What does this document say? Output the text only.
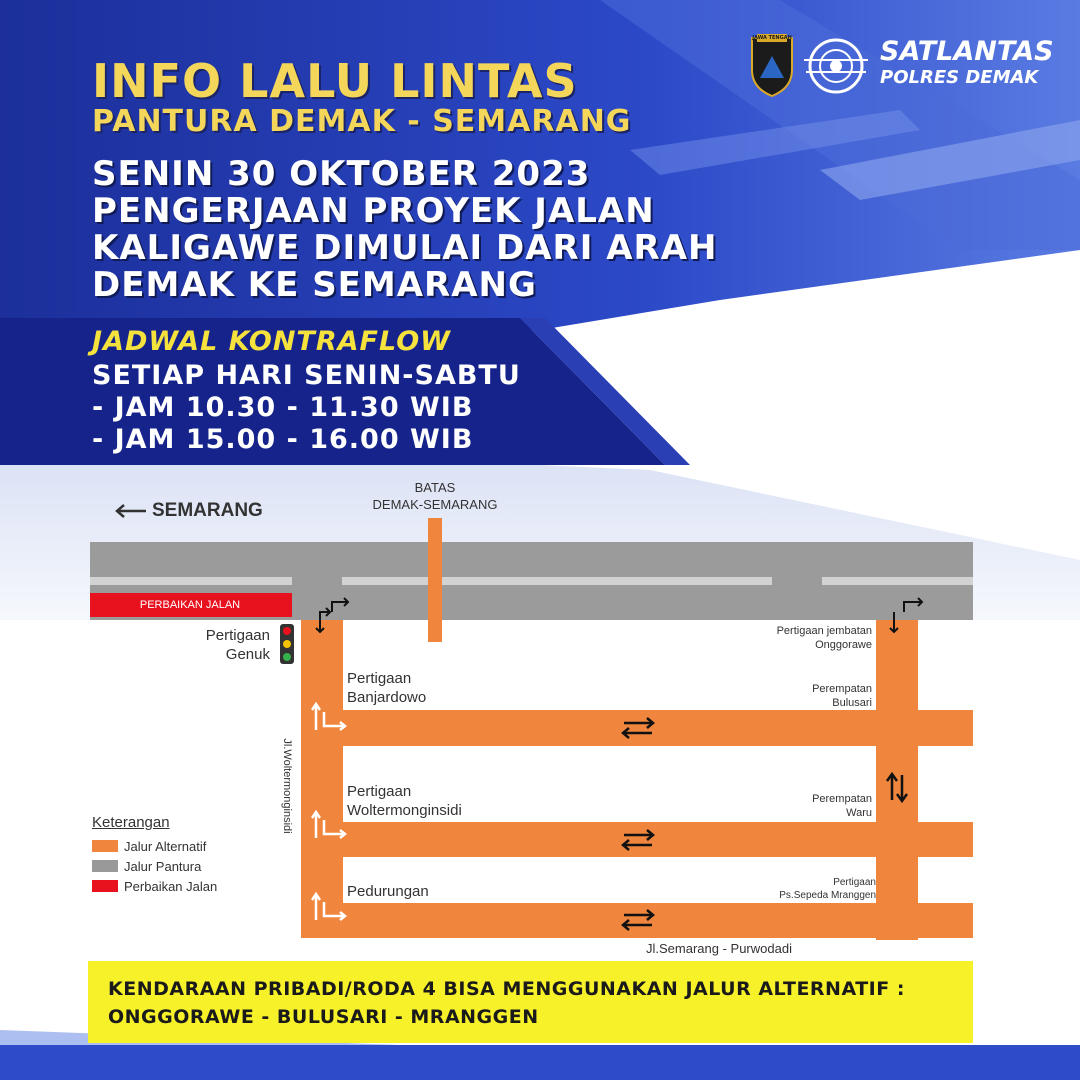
JAWA TENGAH	SATLANTAS
POLRES DEMAK
INFO LALU LINTAS
PANTURA DEMAK - SEMARANG
SENIN 30 OKTOBER 2023
PENGERJAAN PROYEK JALAN
KALIGAWE DIMULAI DARI ARAH
DEMAK KE SEMARANG
JADWAL KONTRAFLOW
SETIAP HARI SENIN-SABTU
- JAM 10.30 - 11.30 WIB
- JAM 15.00 - 16.00 WIB
SEMARANG
BATAS
DEMAK-SEMARANG
PERBAIKAN JALAN
Pertigaan
Genuk
Pertigaan
Banjardowo
Pertigaan
Woltermonginsidi
Pedurungan
Pertigaan jembatan
Onggorawe
Perempatan
Bulusari
Perempatan
Waru
Pertigaan
Ps.Sepeda Mranggen
Jl.Woltermonginsidi
Jl.Semarang - Purwodadi
Keterangan
Jalur Alternatif
Jalur Pantura
Perbaikan Jalan
KENDARAAN PRIBADI/RODA 4 BISA MENGGUNAKAN JALUR ALTERNATIF :
ONGGORAWE - BULUSARI - MRANGGEN
